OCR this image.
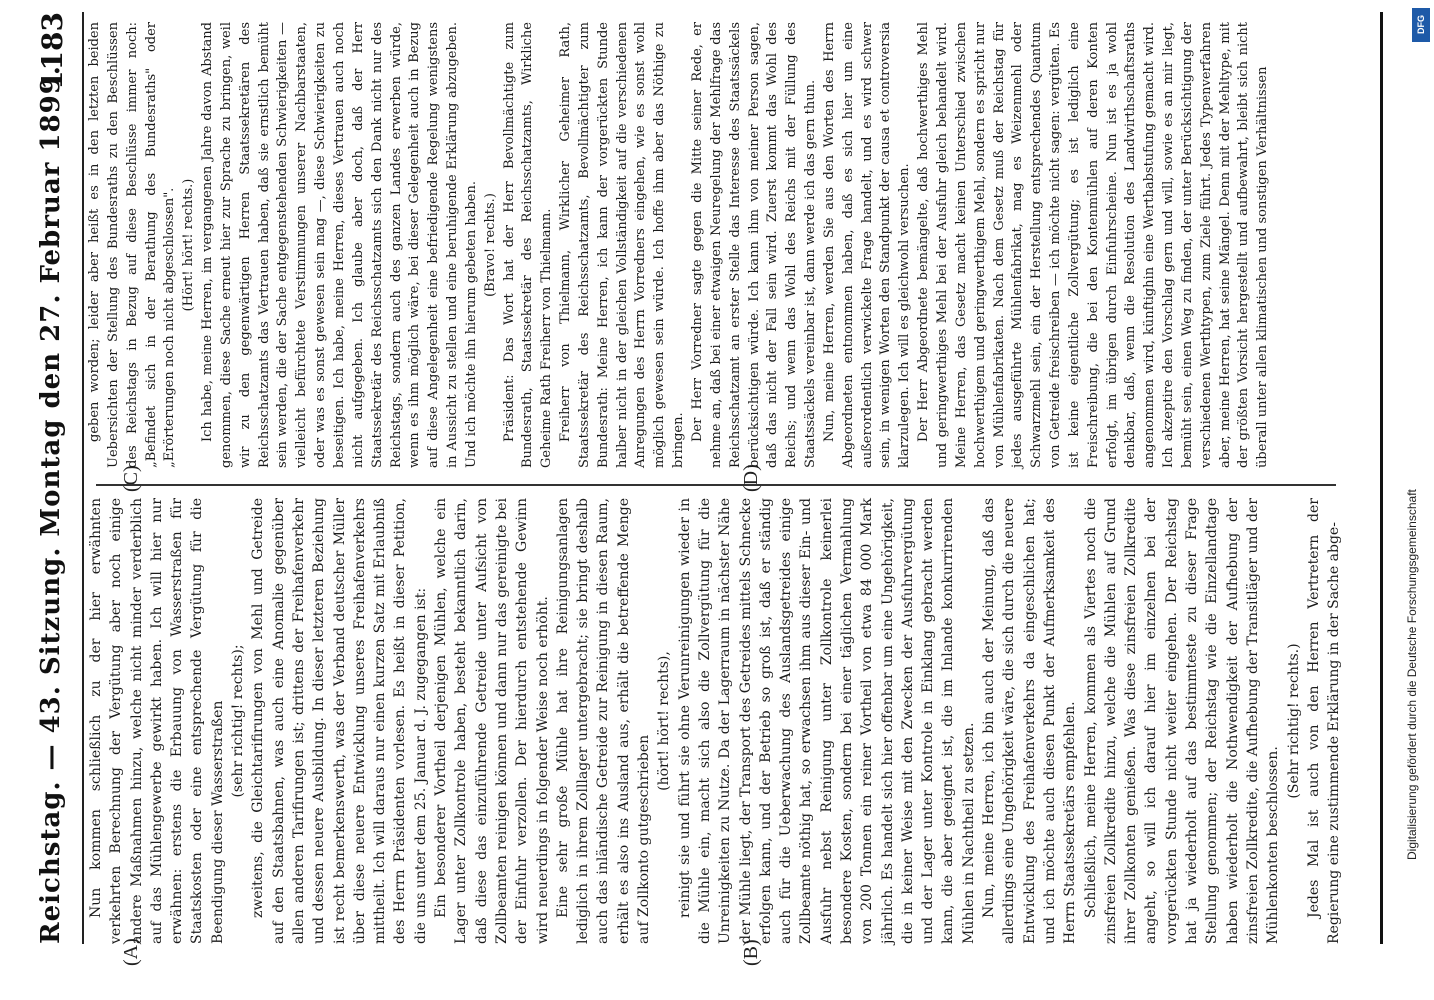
Reichstag. — 43. Sitzung. Montag den 27. Februar 1899.
1183
(A)	(B)
(C)	(D)

Nun kommen schließlich zu der hier erwähnten verkehrten Berechnung der Vergütung aber noch einige andere Maßnahmen hinzu, welche nicht minder verderblich auf das Mühlengewerbe gewirkt haben. Ich will hier nur erwähnen: erstens die Erbauung von Wasserstraßen für Staatskosten oder eine entsprechende Vergütung für die Beendigung dieser Wasserstraßen (sehr richtig! rechts); zweitens, die Gleichtarifirungen von Mehl und Getreide auf den Staatsbahnen, was auch eine Anomalie gegenüber allen anderen Tarifirungen ist; drittens der Freihafenverkehr und dessen neuere Ausbildung. In dieser letzteren Beziehung ist recht bemerkenswerth, was der Verband deutscher Müller über diese neuere Entwicklung unseres Freihafenverkehrs mittheilt. Ich will daraus nur einen kurzen Satz mit Erlaubniß des Herrn Präsidenten vorlesen. Es heißt in dieser Petition, die uns unter dem 25. Januar d. J. zugegangen ist: Ein besonderer Vortheil derjenigen Mühlen, welche ein Lager unter Zollkontrole haben, besteht bekanntlich darin, daß diese das einzuführende Getreide unter Aufsicht von Zollbeamten reinigen können und dann nur das gereinigte bei der Einfuhr verzollen. Der hierdurch entstehende Gewinn wird neuerdings in folgender Weise noch erhöht. Eine sehr große Mühle hat ihre Reinigungsanlagen lediglich in ihrem Zolllager untergebracht; sie bringt deshalb auch das inländische Getreide zur Reinigung in diesen Raum, erhält es also ins Ausland aus, erhält die betreffende Menge auf Zollkonto gutgeschrieben

(hört! hört! rechts), reinigt sie und führt sie ohne Verunreinigungen wieder in die Mühle ein, macht sich also die Zollvergütung für die Unreinigkeiten zu Nutze. Da der Lagerraum in nächster Nähe der Mühle liegt, der Transport des Getreides mittels Schnecke erfolgen kann, und der Betrieb so groß ist, daß er ständig auch für die Ueberwachung des Auslandsgetreides einige Zollbeamte nöthig hat, so erwachsen ihm aus dieser Ein- und Ausfuhr nebst Reinigung unter Zollkontrole keinerlei besondere Kosten, sondern bei einer täglichen Vermahlung von 200 Tonnen ein reiner Vortheil von etwa 84 000 Mark jährlich. Es handelt sich hier offenbar um eine Ungehörigkeit, die in keiner Weise mit den Zwecken der Ausfuhrvergütung und der Lager unter Kontrole in Einklang gebracht werden kann, die aber geeignet ist, die im Inlande konkurrirenden Mühlen in Nachtheil zu setzen. Nun, meine Herren, ich bin auch der Meinung, daß das allerdings eine Ungehörigkeit wäre, die sich durch die neuere Entwicklung des Freihafenverkehrs da eingeschlichen hat; und ich möchte auch diesen Punkt der Aufmerksamkeit des Herrn Staatssekretärs empfehlen. Schließlich, meine Herren, kommen als Viertes noch die zinsfreien Zollkredite hinzu, welche die Mühlen auf Grund ihrer Zollkonten genießen. Was diese zinsfreien Zollkredite angeht, so will ich darauf hier im einzelnen bei der vorgerückten Stunde nicht weiter eingehen. Der Reichstag hat ja wiederholt auf das bestimmteste zu dieser Frage Stellung genommen; der Reichstag wie die Einzellandtage haben wiederholt die Nothwendigkeit der Aufhebung der zinsfreien Zollkredite, die Aufhebung der Transitläger und der Mühlenkonten beschlossen.

(Sehr richtig! rechts.) Jedes Mal ist auch von den Herren Vertretern der Regierung eine zustimmende Erklärung in der Sache abge-

geben worden; leider aber heißt es in den letzten beiden Uebersichten der Stellung des Bundesraths zu den Beschlüssen des Reichstags in Bezug auf diese Beschlüsse immer noch: „Befindet sich in der Berathung des Bundesraths" oder „Erörterungen noch nicht abgeschlossen". (Hört! hört! rechts.) Ich habe, meine Herren, im vergangenen Jahre davon Abstand genommen, diese Sache erneut hier zur Sprache zu bringen, weil wir zu den gegenwärtigen Herren Staatssekretären des Reichsschatzamts das Vertrauen haben, daß sie ernstlich bemüht sein werden, die der Sache entgegenstehenden Schwierigkeiten — vielleicht befürchtete Verstimmungen unserer Nachbarstaaten, oder was es sonst gewesen sein mag —, diese Schwierigkeiten zu beseitigen. Ich habe, meine Herren, dieses Vertrauen auch noch nicht aufgegeben. Ich glaube aber doch, daß der Herr Staatssekretär des Reichsschatzamts sich den Dank nicht nur des Reichstags, sondern auch des ganzen Landes erwerben würde, wenn es ihm möglich wäre, bei dieser Gelegenheit auch in Bezug auf diese Angelegenheit eine befriedigende Regelung wenigstens in Aussicht zu stellen und eine beruhigende Erklärung abzugeben. Und ich möchte ihn hierum gebeten haben. (Bravo! rechts.) Präsident: Das Wort hat der Herr Bevollmächtigte zum Bundesrath, Staatssekretär des Reichsschatzamts, Wirkliche Geheime Rath Freiherr von Thielmann. Freiherr von Thielmann, Wirklicher Geheimer Rath, Staatssekretär des Reichsschatzamts, Bevollmächtigter zum Bundesrath: Meine Herren, ich kann der vorgerückten Stunde halber nicht in der gleichen Vollständigkeit auf die verschiedenen Anregungen des Herrn Vorredners eingehen, wie es sonst wohl möglich gewesen sein würde. Ich hoffe ihm aber das Nöthige zu bringen. Der Herr Vorredner sagte gegen die Mitte seiner Rede, er nehme an, daß bei einer etwaigen Neuregelung der Mehlfrage das Reichsschatzamt an erster Stelle das Interesse des Staatssäckels berücksichtigen würde. Ich kann ihm von meiner Person sagen, daß das nicht der Fall sein wird. Zuerst kommt das Wohl des Reichs; und wenn das Wohl des Reichs mit der Füllung des Staatssäckels vereinbar ist, dann werde ich das gern thun. Nun, meine Herren, werden Sie aus den Worten des Herrn Abgeordneten entnommen haben, daß es sich hier um eine außerordentlich verwickelte Frage handelt, und es wird schwer sein, in wenigen Worten den Standpunkt der causa et controversia klarzulegen. Ich will es gleichwohl versuchen. Der Herr Abgeordnete bemängelte, daß hochwerthiges Mehl und geringwerthiges Mehl bei der Ausfuhr gleich behandelt wird. Meine Herren, das Gesetz macht keinen Unterschied zwischen hochwerthigem und geringwerthigem Mehl, sondern es spricht nur von Mühlenfabrikaten. Nach dem Gesetz muß der Reichstag für jedes ausgeführte Mühlenfabrikat, mag es Weizenmehl oder Schwarzmehl sein, ein der Herstellung entsprechendes Quantum von Getreide freischreiben — ich möchte nicht sagen: vergüten. Es ist keine eigentliche Zollvergütung; es ist lediglich eine Freischreibung, die bei den Kontenmühlen auf deren Konten erfolgt, im übrigen durch Einfuhrscheine. Nun ist es ja wohl denkbar, daß, wenn die Resolution des Landwirthschaftsraths angenommen wird, künftighin eine Werthabstufung gemacht wird. Ich akzeptire den Vorschlag gern und will, sowie es an mir liegt, bemüht sein, einen Weg zu finden, der unter Berücksichtigung der verschiedenen Werthtypen, zum Ziele führt. Jedes Typenverfahren aber, meine Herren, hat seine Mängel. Denn mit der Mehltype, mit der größten Vorsicht hergestellt und aufbewahrt, bleibt sich nicht überall unter allen klimatischen und sonstigen Verhältnissen

DFG
Digitalisierung gefördert durch die Deutsche Forschungsgemeinschaft
